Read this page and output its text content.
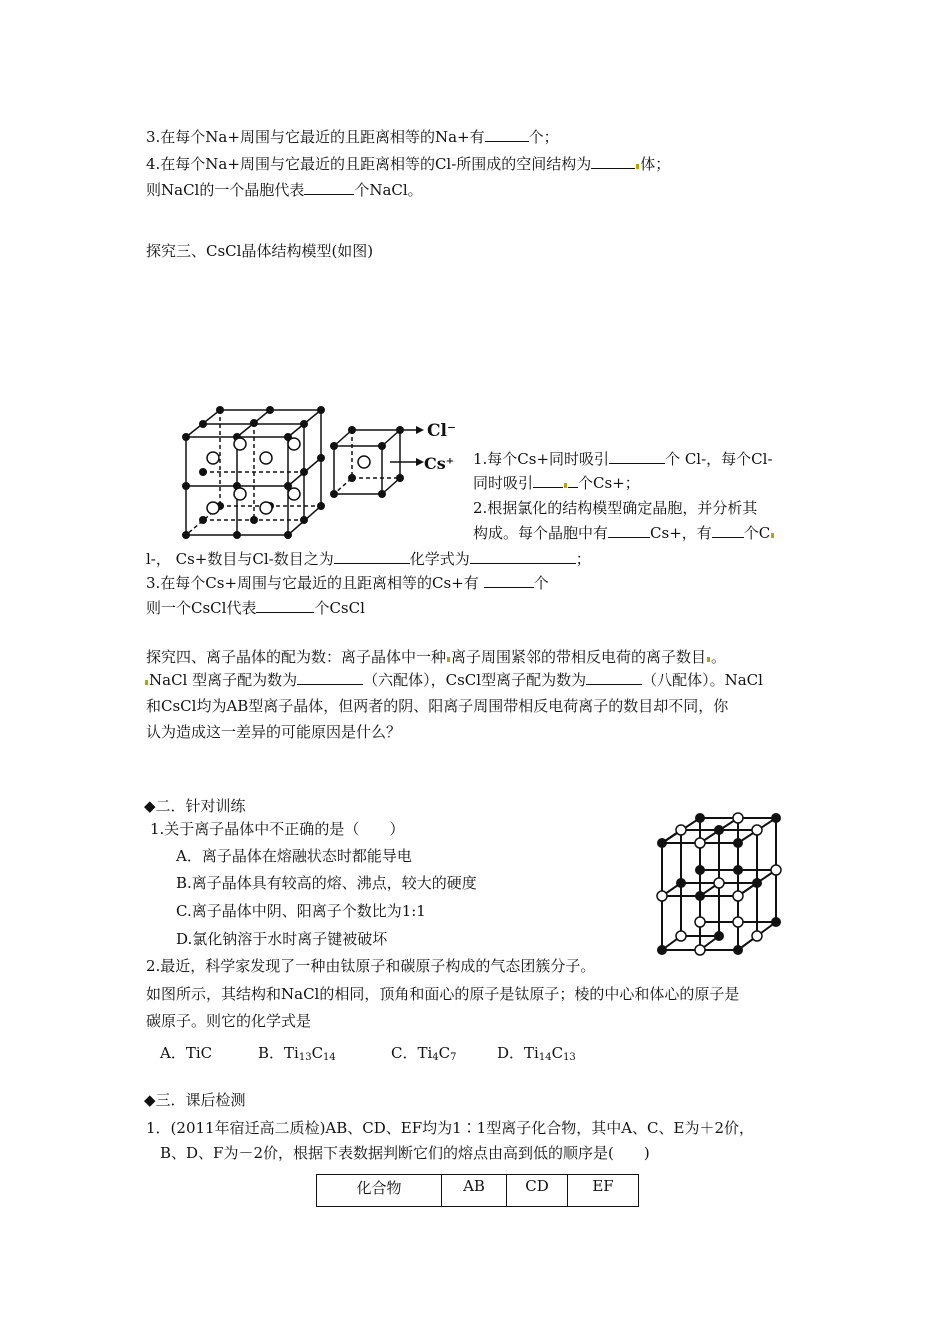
3.在每个Na+周围与它最近的且距离相等的Na+有	个；
4.在每个Na+周围与它最近的且距离相等的Cl-所围成的空间结构为	体；
则NaCl的一个晶胞代表	个NaCl。
探究三、CsCl晶体结构模型(如图)
Cl⁻
Cs⁺ 1.每个Cs+同时吸引	个 Cl-，每个Cl-
同时吸引	个Cs+；
2.根据氯化的结构模型确定晶胞，并分析其
构成。每个晶胞中有	Cs+，有 个C
l-， Cs+数目与Cl-数目之为	化学式为	；
3.在每个Cs+周围与它最近的且距离相等的Cs+有	个
则一个CsCl代表	个CsCl
探究四、离子晶体的配为数：离子晶体中一种 离子周围紧邻的带相反电荷的离子数目 。
NaCl 型离子配为数为	（六配体），CsCl型离子配为数为	（八配体）。NaCl
和CsCl均为AB型离子晶体，但两者的阴、阳离子周围带相反电荷离子的数目却不同，你
认为造成这一差异的可能原因是什么？
◆二．针对训练
1.关于离子晶体中不正确的是（　　）
A．离子晶体在熔融状态时都能导电
B.离子晶体具有较高的熔、沸点，较大的硬度
C.离子晶体中阴、阳离子个数比为1:1
D.氯化钠溶于水时离子键被破坏
2.最近，科学家发现了一种由钛原子和碳原子构成的气态团簇分子。
如图所示，其结构和NaCl的相同，顶角和面心的原子是钛原子；棱的中心和体心的原子是
碳原子。则它的化学式是
A．TiC	B．$Ti_{13}C_{14}$	C．$Ti_4C_7$	D．$Ti_{14}C_{13}$
◆三．课后检测
1．(2011年宿迁高二质检)AB、CD、EF均为1∶1型离子化合物，其中A、C、E为＋2价，
B、D、F为－2价，根据下表数据判断它们的熔点由高到低的顺序是(　　)
化合物	AB	CD	EF
